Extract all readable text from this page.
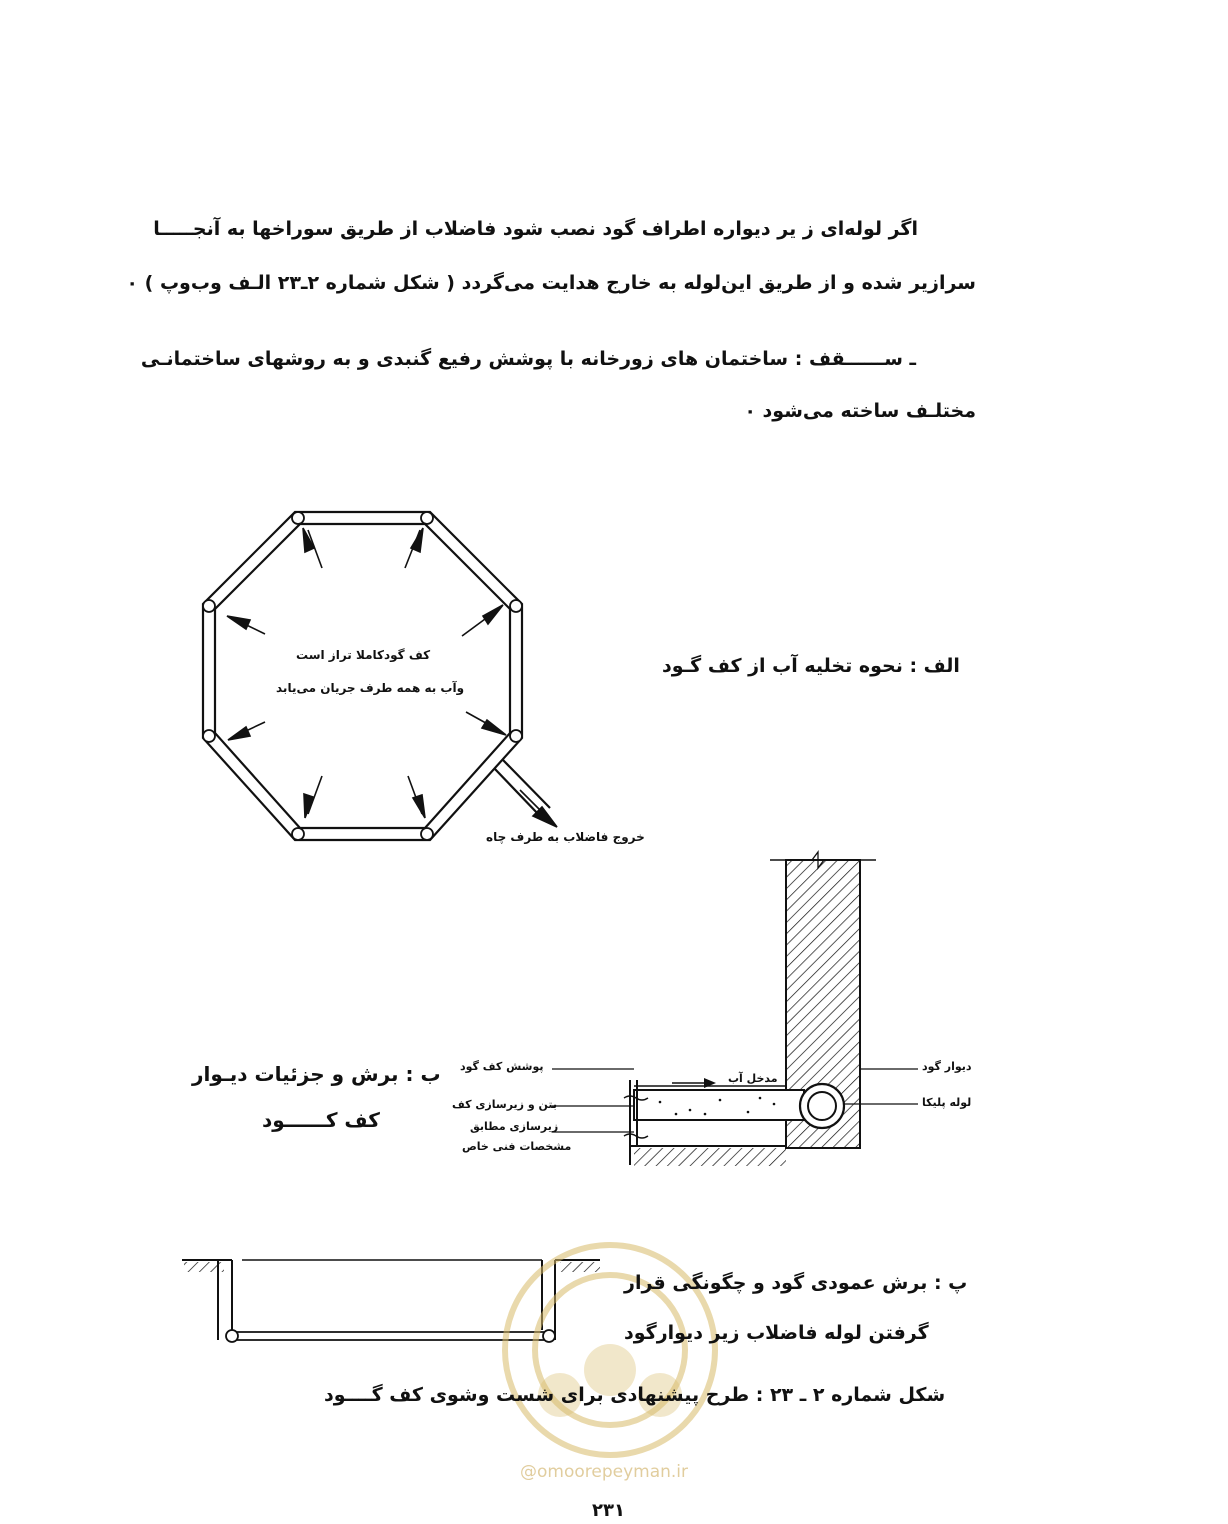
اگر لوله‌ای ز یر دیواره اطراف گود نصب شود فاضلاب از طریق سوراخها به آنجـــــا
سرازیر شده و از طریق این‌لوله به خارج هدایت می‌گردد ( شکل شماره ۲ـ۲۳ الـف وب‌وپ ) ۰
ـ ســــــقف : ساختمان های زورخانه با پوشش رفیع گنبدی و به روشهای ساختمانـی
مختلـف ساخته می‌شود ۰
کف گودکاملا تراز است
وآب به همه طرف جریان می‌یابد
خروج فاضلاب به طرف چاه
الف : نحوه تخلیه آب از کف گـود
پوشش کف گود
بتن و زیرسازی کف
زیرسازی مطابق
مشخصات فنی خاص
مدخل آب
دیوار گود
لوله پلیکا
ب : برش و جزئیات دیـوار
کف کــــــود
پ : برش عمودی گود و چگونگی قرار
گرفتن لوله فاضلاب زیر دیوارگود
شکل شماره ۲ ـ ۲۳ : طرح پیشنهادی برای شست وشوی کف گــــود
@omoorepeyman.ir
۲۳۱
